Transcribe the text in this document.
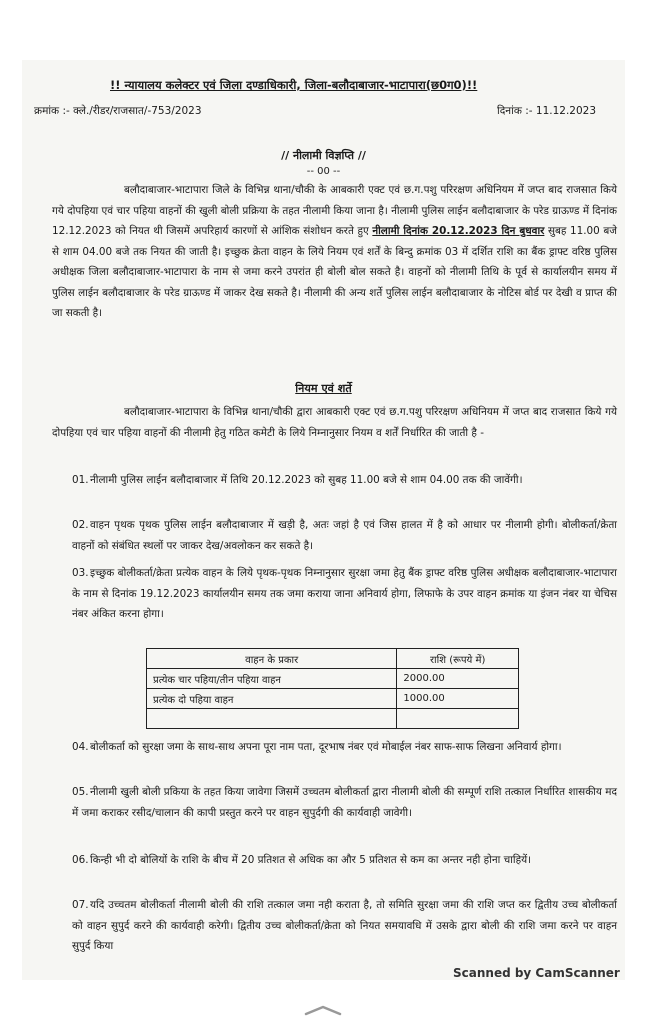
!! न्यायालय कलेक्टर एवं जिला दण्डाधिकारी, जिला-बलौदाबाजार-भाटापारा(छ0ग0)!!
क्रमांक :- क्ले./रीडर/राजसात/-753/2023	दिनांक :- 11.12.2023
// नीलामी विज्ञप्ति //
-- 00 --

बलौदाबाजार-भाटापारा जिले के विभिन्न थाना/चौकी के आबकारी एक्ट एवं छ.ग.पशु परिरक्षण अधिनियम में जप्त बाद राजसात किये गये दोपहिया एवं चार पहिया वाहनों की खुली बोली प्रक्रिया के तहत नीलामी किया जाना है। नीलामी पुलिस लाईन बलौदाबाजार के परेड ग्राऊण्ड में दिनांक 12.12.2023 को नियत थी जिसमें अपरिहार्य कारणों से आंशिक संशोधन करते हुए नीलामी दिनांक 20.12.2023 दिन बुधवार सुबह 11.00 बजे से शाम 04.00 बजे तक नियत की जाती है। इच्छुक क्रेता वाहन के लिये नियम एवं शर्तें के बिन्दु क्रमांक 03 में दर्शित राशि का बैंक ड्राफ्ट वरिष्ठ पुलिस अधीक्षक जिला बलौदाबाजार-भाटापारा के नाम से जमा करने उपरांत ही बोली बोल सकते है। वाहनों को नीलामी तिथि के पूर्व से कार्यालयीन समय में पुलिस लाईन बलौदाबाजार के परेड ग्राऊण्ड में जाकर देख सकते है। नीलामी की अन्य शर्ते पुलिस लाईन बलौदाबाजार के नोटिस बोर्ड पर देखी व प्राप्त की जा सकती है।

नियम एवं शर्ते

बलौदाबाजार-भाटापारा के विभिन्न थाना/चौकी द्वारा आबकारी एक्ट एवं छ.ग.पशु परिरक्षण अधिनियम में जप्त बाद राजसात किये गये दोपहिया एवं चार पहिया वाहनों की नीलामी हेतु गठित कमेटी के लिये निम्नानुसार नियम व शर्तें निर्धारित की जाती है -

01.नीलामी पुलिस लाईन बलौदाबाजार में तिथि 20.12.2023 को सुबह 11.00 बजे से शाम 04.00 तक की जावेंगी।
02.वाहन पृथक पृथक पुलिस लाईन बलौदाबाजार में खड़ी है, अतः जहां है एवं जिस हालत में है को आधार पर नीलामी होगी। बोलीकर्ता/क्रेता वाहनों को संबंधित स्थलों पर जाकर देख/अवलोकन कर सकते है।
03.इच्छुक बोलीकर्ता/क्रेता प्रत्येक वाहन के लिये पृथक-पृथक निम्नानुसार सुरक्षा जमा हेतु बैंक ड्राफ्ट वरिष्ठ पुलिस अधीक्षक बलौदाबाजार-भाटापारा के नाम से दिनांक 19.12.2023 कार्यालयीन समय तक जमा कराया जाना अनिवार्य होगा, लिफाफे के उपर वाहन क्रमांक या इंजन नंबर या चेचिस नंबर अंकित करना होगा।
वाहन के प्रकार	राशि (रूपये में)
प्रत्येक चार पहिया/तीन पहिया वाहन	2000.00
प्रत्येक दो पहिया वाहन	1000.00

04.बोलीकर्ता को सुरक्षा जमा के साथ-साथ अपना पूरा नाम पता, दूरभाष नंबर एवं मोबाईल नंबर साफ-साफ लिखना अनिवार्य होगा।
05.नीलामी खुली बोली प्रकिया के तहत किया जावेगा जिसमें उच्चतम बोलीकर्ता द्वारा नीलामी बोली की सम्पूर्ण राशि तत्काल निर्धारित शासकीय मद में जमा कराकर रसीद/चालान की कापी प्रस्तुत करने पर वाहन सुपुर्दगी की कार्यवाही जावेगी।
06.किन्ही भी दो बोलियों के राशि के बीच में 20 प्रतिशत से अधिक का और 5 प्रतिशत से कम का अन्तर नही होना चाहियें।
07.यदि उच्चतम बोलीकर्ता नीलामी बोली की राशि तत्काल जमा नही कराता है, तो समिति सुरक्षा जमा की राशि जप्त कर द्वितीय उच्च बोलीकर्ता को वाहन सुपुर्द करने की कार्यवाही करेगी। द्वितीय उच्च बोलीकर्ता/क्रेता को नियत समयावधि में उसके द्वारा बोली की राशि जमा करने पर वाहन सुपुर्द किया
Scanned by CamScanner
